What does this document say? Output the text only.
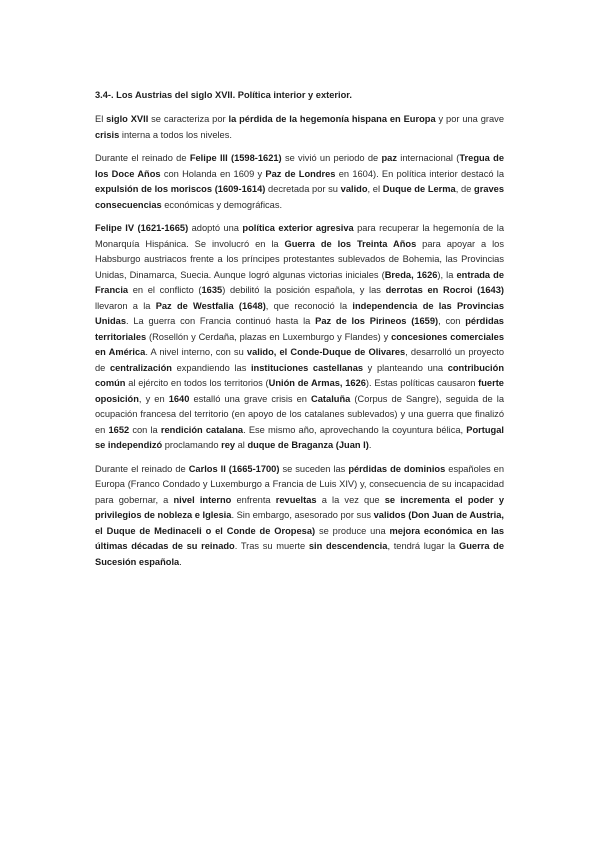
3.4-. Los Austrias del siglo XVII. Política interior y exterior.

El siglo XVII se caracteriza por la pérdida de la hegemonía hispana en Europa y por una grave crisis interna a todos los niveles.

Durante el reinado de Felipe III (1598-1621) se vivió un periodo de paz internacional (Tregua de los Doce Años con Holanda en 1609 y Paz de Londres en 1604). En política interior destacó la expulsión de los moriscos (1609-1614) decretada por su valido, el Duque de Lerma, de graves consecuencias económicas y demográficas.

Felipe IV (1621-1665) adoptó una política exterior agresiva para recuperar la hegemonía de la Monarquía Hispánica. Se involucró en la Guerra de los Treinta Años para apoyar a los Habsburgo austriacos frente a los príncipes protestantes sublevados de Bohemia, las Provincias Unidas, Dinamarca, Suecia. Aunque logró algunas victorias iniciales (Breda, 1626), la entrada de Francia en el conflicto (1635) debilitó la posición española, y las derrotas en Rocroi (1643) llevaron a la Paz de Westfalia (1648), que reconoció la independencia de las Provincias Unidas. La guerra con Francia continuó hasta la Paz de los Pirineos (1659), con pérdidas territoriales (Rosellón y Cerdaña, plazas en Luxemburgo y Flandes) y concesiones comerciales en América. A nivel interno, con su valido, el Conde-Duque de Olivares, desarrolló un proyecto de centralización expandiendo las instituciones castellanas y planteando una contribución común al ejército en todos los territorios (Unión de Armas, 1626). Estas políticas causaron fuerte oposición, y en 1640 estalló una grave crisis en Cataluña (Corpus de Sangre), seguida de la ocupación francesa del territorio (en apoyo de los catalanes sublevados) y una guerra que finalizó en 1652 con la rendición catalana. Ese mismo año, aprovechando la coyuntura bélica, Portugal se independizó proclamando rey al duque de Braganza (Juan I).

Durante el reinado de Carlos II (1665-1700) se suceden las pérdidas de dominios españoles en Europa (Franco Condado y Luxemburgo a Francia de Luis XIV) y, consecuencia de su incapacidad para gobernar, a nivel interno enfrenta revueltas a la vez que se incrementa el poder y privilegios de nobleza e Iglesia. Sin embargo, asesorado por sus validos (Don Juan de Austria, el Duque de Medinaceli o el Conde de Oropesa) se produce una mejora económica en las últimas décadas de su reinado. Tras su muerte sin descendencia, tendrá lugar la Guerra de Sucesión española.
